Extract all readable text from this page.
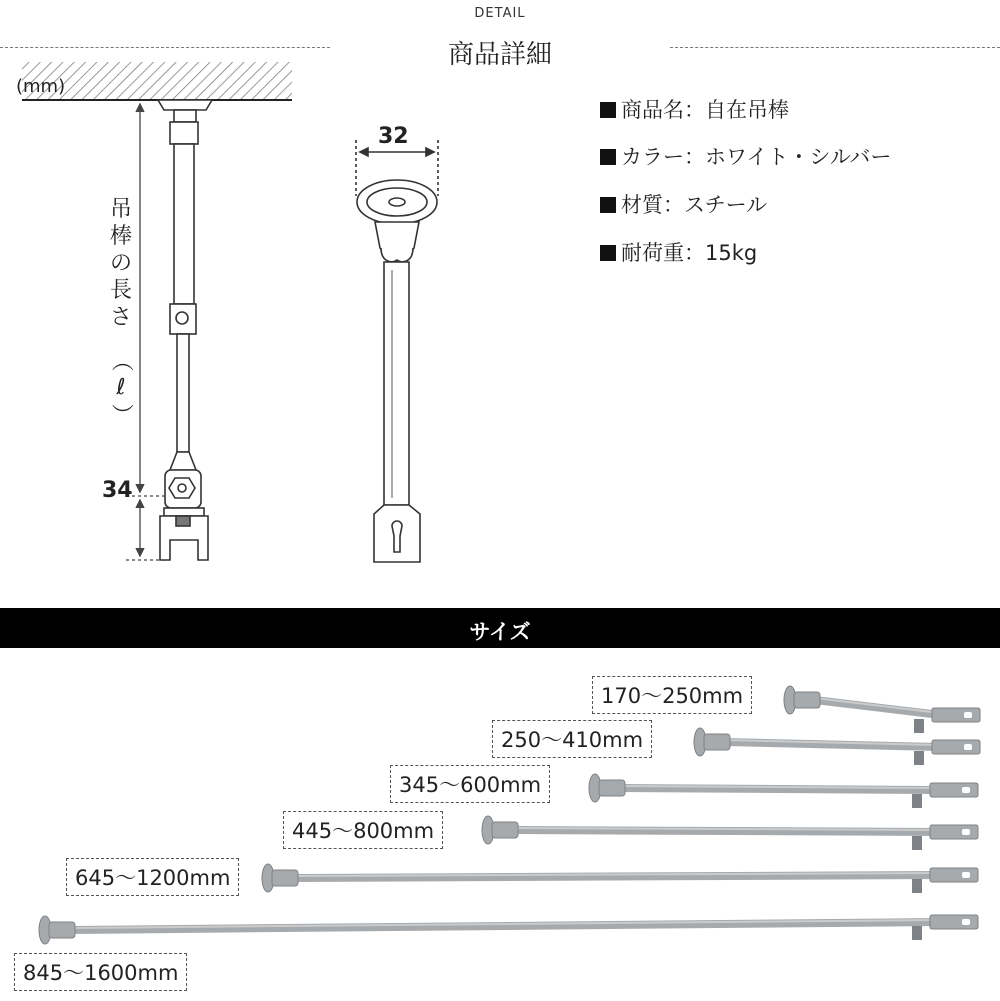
DETAIL
商品詳細
(mm)
34
32
吊
棒
の
長
さ
（
ℓ
）
商品名：自在吊棒
カラー：ホワイト・シルバー
材質：スチール
耐荷重：15kg
サイズ
170〜250mm
250〜410mm
345〜600mm
445〜800mm
645〜1200mm
845〜1600mm
